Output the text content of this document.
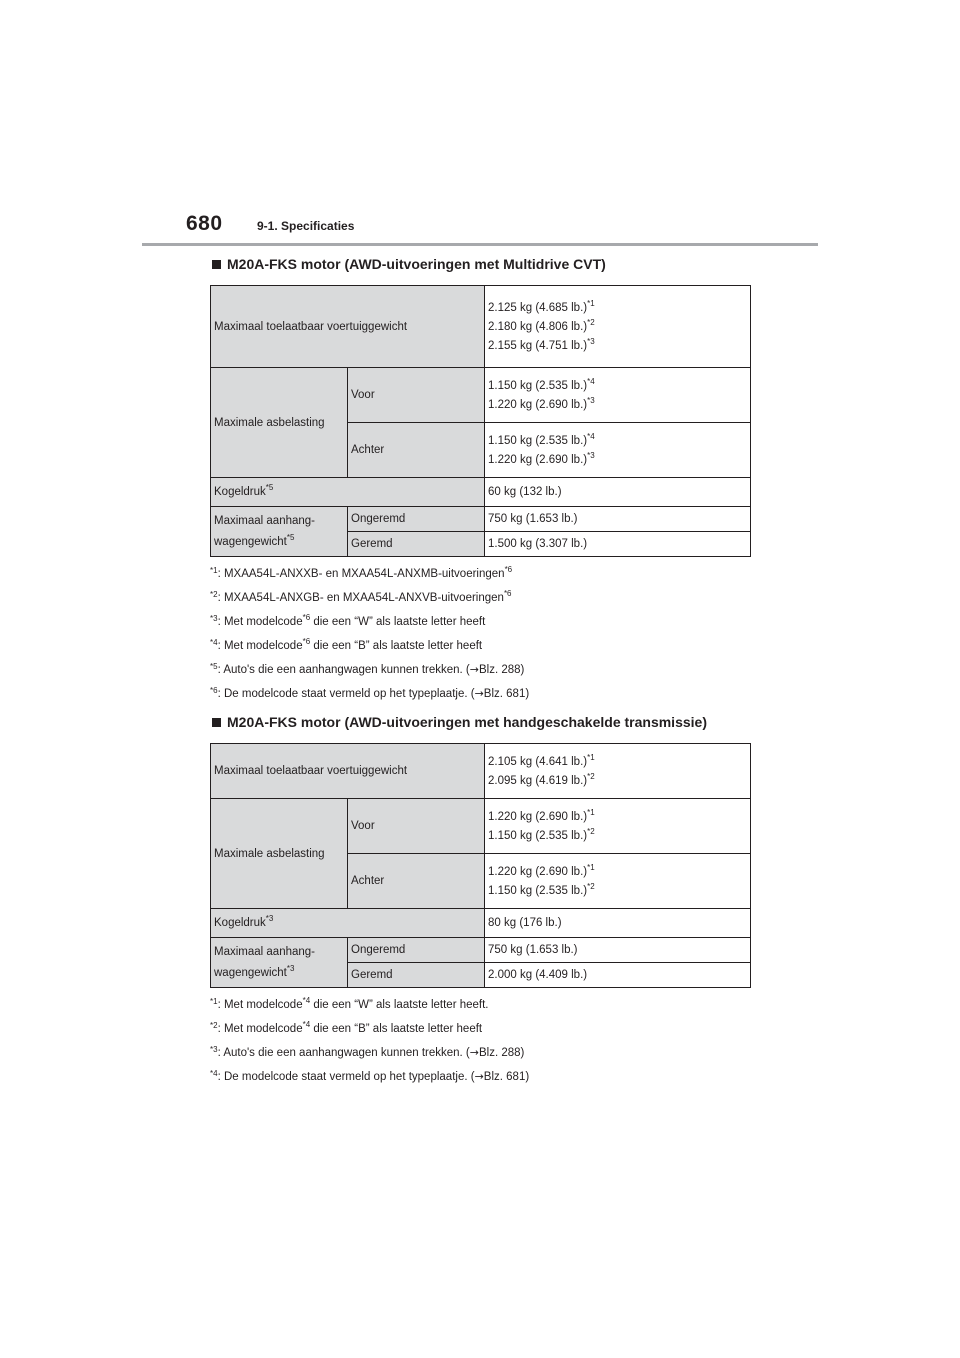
680	9-1. Specificaties
M20A-FKS motor (AWD-uitvoeringen met Multidrive CVT)
Maximaal toelaatbaar voertuiggewicht		2.125 kg (4.685 lb.)$^{*1}$
2.180 kg (4.806 lb.)$^{*2}$
2.155 kg (4.751 lb.)$^{*3}$

Maximale asbelasting	Voor	1.150 kg (2.535 lb.)$^{*4}$
1.220 kg (2.690 lb.)$^{*3}$

	Achter	1.150 kg (2.535 lb.)$^{*4}$
1.220 kg (2.690 lb.)$^{*3}$

Kogeldruk$^{*5}$		60 kg (132 lb.)

Maximaal aanhang-
wagengewicht$^{*5}$	Ongeremd	750 kg (1.653 lb.)
	Geremd	1.500 kg (3.307 lb.)
$^{*1}$: MXAA54L-ANXXB- en MXAA54L-ANXMB-uitvoeringen$^{*6}$
$^{*2}$: MXAA54L-ANXGB- en MXAA54L-ANXVB-uitvoeringen$^{*6}$
$^{*3}$: Met modelcode$^{*6}$ die een “W” als laatste letter heeft
$^{*4}$: Met modelcode$^{*6}$ die een “B” als laatste letter heeft
$^{*5}$: Auto's die een aanhangwagen kunnen trekken. (→Blz. 288)
$^{*6}$: De modelcode staat vermeld op het typeplaatje. (→Blz. 681)
M20A-FKS motor (AWD-uitvoeringen met handgeschakelde transmissie)
Maximaal toelaatbaar voertuiggewicht		2.105 kg (4.641 lb.)$^{*1}$
2.095 kg (4.619 lb.)$^{*2}$

Maximale asbelasting	Voor	1.220 kg (2.690 lb.)$^{*1}$
1.150 kg (2.535 lb.)$^{*2}$

	Achter	1.220 kg (2.690 lb.)$^{*1}$
1.150 kg (2.535 lb.)$^{*2}$

Kogeldruk$^{*3}$		80 kg (176 lb.)

Maximaal aanhang-
wagengewicht$^{*3}$	Ongeremd	750 kg (1.653 lb.)
	Geremd	2.000 kg (4.409 lb.)
$^{*1}$: Met modelcode$^{*4}$ die een “W” als laatste letter heeft.
$^{*2}$: Met modelcode$^{*4}$ die een “B” als laatste letter heeft
$^{*3}$: Auto's die een aanhangwagen kunnen trekken. (→Blz. 288)
$^{*4}$: De modelcode staat vermeld op het typeplaatje. (→Blz. 681)
